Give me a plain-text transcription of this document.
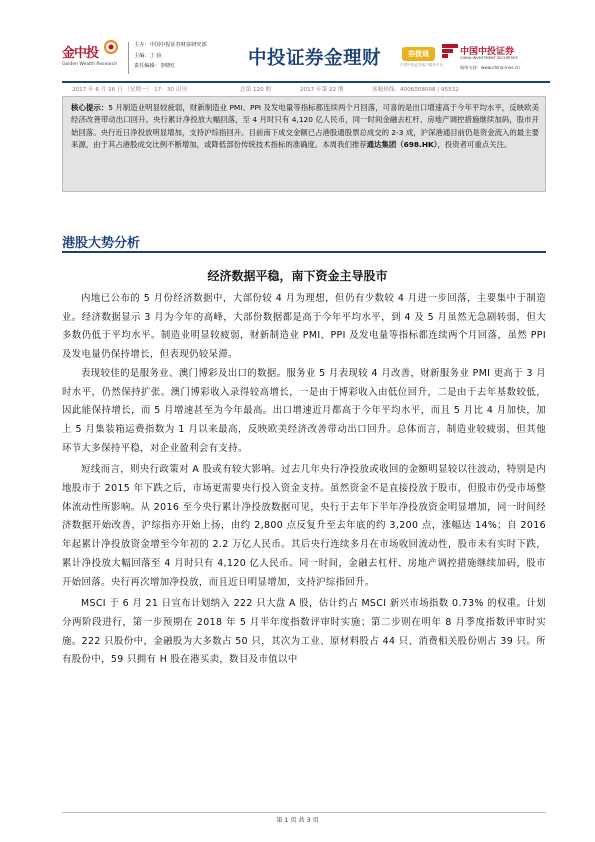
金中投
Golden Wealth Research
主办：中国中投证券财富研究部
主编：丁 俭
责任编辑：李晓红	中投证券金理财	券拨通
中国中投证券客户服务平台
中国中投证券
CHINA INVESTMENT SECURITIES
网络支持：www.china-invs.cn
2017 年 6 月 26 日 （星期一） 17：30 出刊	总第 120 期	2017 年第 22 期	客服热线：4006008008 / 95532
核心提示：5 月制造业明显较疲弱，财新制造业 PMI、PPI 及发电量等指标都连续两个月回落，可喜的是出口增速高于今年平均水平，反映欧美经济改善带动出口回升。央行累计净投放大幅回落，至 4 月时只有 4,120 亿人民币，同一时间金融去杠杆、房地产调控措施继续加码，股市开始回落。央行近日净投放明显增加，支持沪综指回升。目前南下成交金额已占港股通股票总成交的 2-3 成，沪深港通目前仍是资金流入的最主要来源，由于其占港股成交比例不断增加，或降低部份传统技术指标的准确度。本周我们推荐通达集团（698.HK），投资者可重点关注。
港股大势分析
经济数据平稳，南下资金主导股市

内地已公布的 5 月份经济数据中，大部份较 4 月为理想，但仍有少数较 4 月进一步回落，主要集中于制造业。经济数据显示 3 月为今年的高峰，大部份数据都是高于今年平均水平，到 4 及 5 月虽然无急剧转弱，但大多数仍低于平均水平。制造业明显较疲弱，财新制造业 PMI、PPI 及发电量等指标都连续两个月回落，虽然 PPI 及发电量仍保持增长，但表现仍较呆滞。

表现较佳的是服务业、澳门博彩及出口的数据。服务业 5 月表现较 4 月改善，财新服务业 PMI 更高于 3 月时水平，仍然保持扩张。澳门博彩收入录得较高增长，一是由于博彩收入由低位回升，二是由于去年基数较低，因此能保持增长，而 5 月增速甚至为今年最高。出口增速近月都高于今年平均水平，而且 5 月比 4 月加快，加上 5 月集装箱运费指数为 1 月以来最高，反映欧美经济改善带动出口回升。总体而言，制造业较疲弱，但其他环节大多保持平稳，对企业盈利会有支持。

短线而言，则央行政策对 A 股或有较大影响。过去几年央行净投放或收回的金额明显较以往波动，特别是内地股市于 2015 年下跌之后，市场更需要央行投入资金支持。虽然资金不是直接投放于股市，但股市仍受市场整体流动性所影响。从 2016 至今央行累计净投放数据可见，央行于去年下半年净投放资金明显增加，同一时间经济数据开始改善，沪综指亦开始上扬，由约 2,800 点反复升至去年底的约 3,200 点，涨幅达 14%；自 2016 年起累计净投放资金增至今年初的 2.2 万亿人民币。其后央行连续多月在市场收回流动性，股市未有实时下跌，累计净投放大幅回落至 4 月时只有 4,120 亿人民币。同一时间，金融去杠杆、房地产调控措施继续加码，股市开始回落。央行再次增加净投放，而且近日明显增加，支持沪综指回升。

MSCI 于 6 月 21 日宣布计划纳入 222 只大盘 A 股，估计约占 MSCI 新兴市场指数 0.73% 的权重。计划分两阶段进行，第一步预期在 2018 年 5 月半年度指数评审时实施；第二步则在明年 8 月季度指数评审时实施。222 只股份中，金融股为大多数占 50 只，其次为工业、原材料股占 44 只、消费相关股份则占 39 只。所有股份中，59 只拥有 H 股在港买卖，数目及市值以中

第 1 页 共 3 页
